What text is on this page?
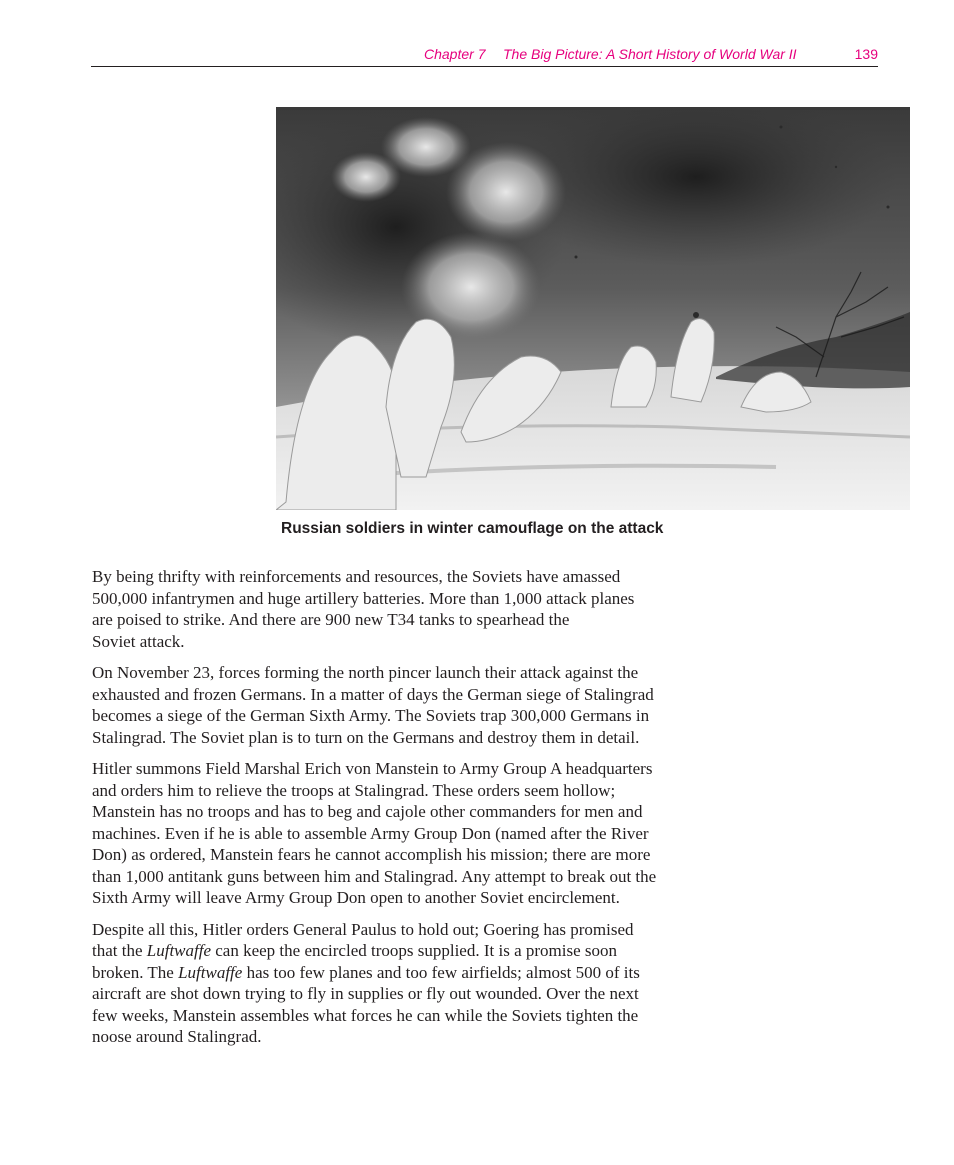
Chapter 7 The Big Picture: A Short History of World War II	139
Russian soldiers in winter camouflage on the attack

By being thrifty with reinforcements and resources, the Soviets have amassed
500,000 infantrymen and huge artillery batteries. More than 1,000 attack planes
are poised to strike. And there are 900 new T34 tanks to spearhead the
Soviet attack.

On November 23, forces forming the north pincer launch their attack against the
exhausted and frozen Germans. In a matter of days the German siege of Stalingrad
becomes a siege of the German Sixth Army. The Soviets trap 300,000 Germans in
Stalingrad. The Soviet plan is to turn on the Germans and destroy them in detail.

Hitler summons Field Marshal Erich von Manstein to Army Group A headquarters
and orders him to relieve the troops at Stalingrad. These orders seem hollow;
Manstein has no troops and has to beg and cajole other commanders for men and
machines. Even if he is able to assemble Army Group Don (named after the River
Don) as ordered, Manstein fears he cannot accomplish his mission; there are more
than 1,000 antitank guns between him and Stalingrad. Any attempt to break out the
Sixth Army will leave Army Group Don open to another Soviet encirclement.

Despite all this, Hitler orders General Paulus to hold out; Goering has promised
that the Luftwaffe can keep the encircled troops supplied. It is a promise soon
broken. The Luftwaffe has too few planes and too few airfields; almost 500 of its
aircraft are shot down trying to fly in supplies or fly out wounded. Over the next
few weeks, Manstein assembles what forces he can while the Soviets tighten the
noose around Stalingrad.
